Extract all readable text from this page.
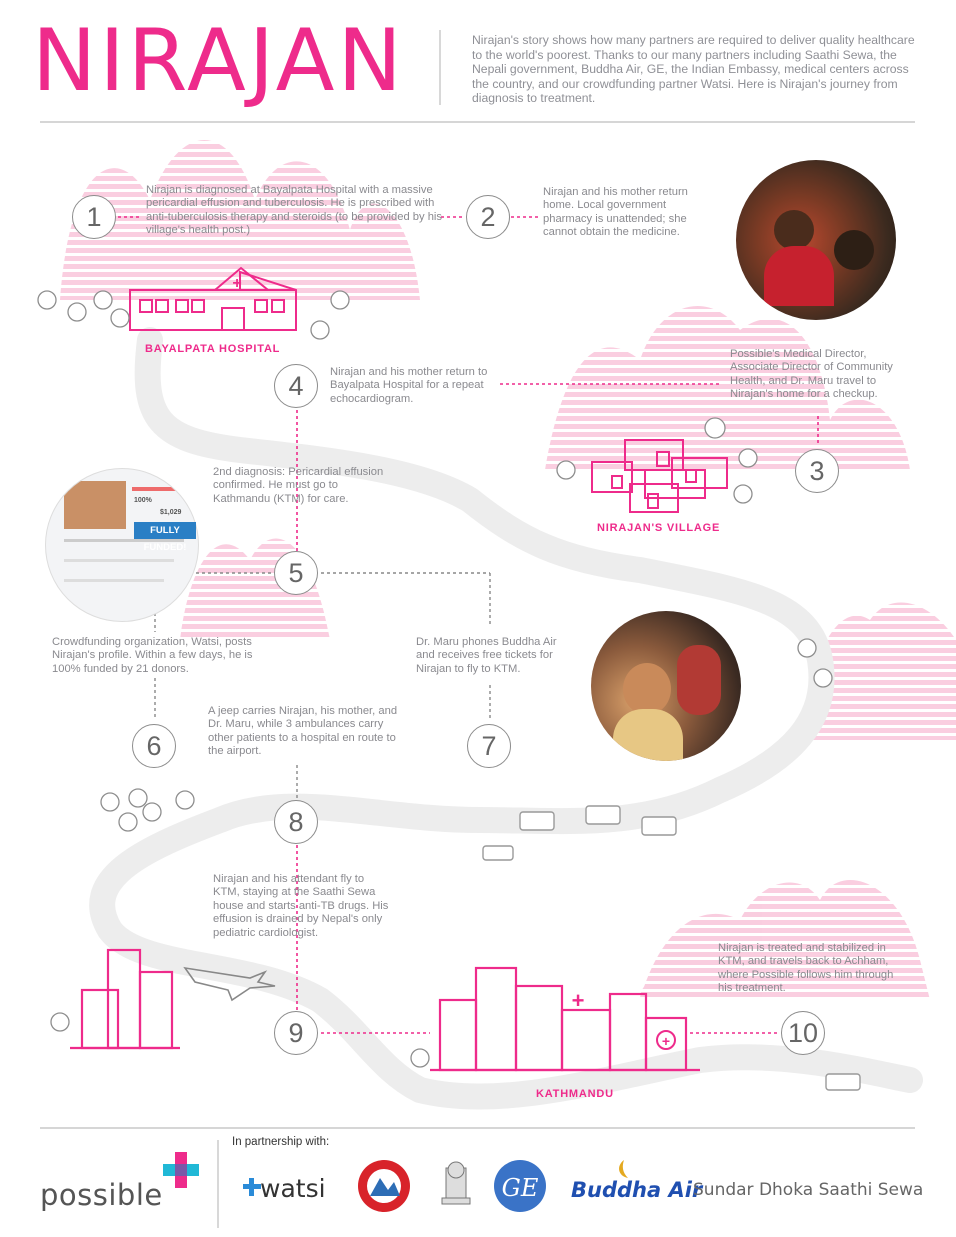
+
+
+
GE
NIRAJAN	Nirajan's story shows how many partners are required to deliver quality healthcare to the world's poorest. Thanks to our many partners including Saathi Sewa, the Nepali government, Buddha Air, GE, the Indian Embassy, medical centers across the country, and our crowdfunding partner Watsi. Here is Nirajan's journey from diagnosis to treatment.
100%
$1,029
FULLY FUNDED!
1	2
3
4
5
6	7
8
9	10
Nirajan is diagnosed at Bayalpata Hospital with a massive pericardial effusion and tuberculosis. He is prescribed with anti-tuberculosis therapy and steroids (to be provided by his village's health post.)
Nirajan and his mother return home. Local government pharmacy is unattended; she cannot obtain the medicine.
Possible's Medical Director, Associate Director of Community Health, and Dr. Maru travel to Nirajan's home for a checkup.
Nirajan and his mother return to Bayalpata Hospital for a repeat echocardiogram.
2nd diagnosis: Pericardial effusion confirmed. He must go to Kathmandu (KTM) for care.
Crowdfunding organization, Watsi, posts Nirajan's profile. Within a few days, he is 100% funded by 21 donors.
Dr. Maru phones Buddha Air and receives free tickets for Nirajan to fly to KTM.
A jeep carries Nirajan, his mother, and Dr. Maru, while 3 ambulances carry other patients to a hospital en route to the airport.
Nirajan and his attendant fly to KTM, staying at the Saathi Sewa house and starts anti-TB drugs. His effusion is drained by Nepal's only pediatric cardiologist.
Nirajan is treated and stabilized in KTM, and travels back to Achham, where Possible follows him through his treatment.
BAYALPATA HOSPITAL
NIRAJAN'S VILLAGE
KATHMANDU
In partnership with:
possible	watsi	Buddha Air
Sundar Dhoka Saathi Sewa
